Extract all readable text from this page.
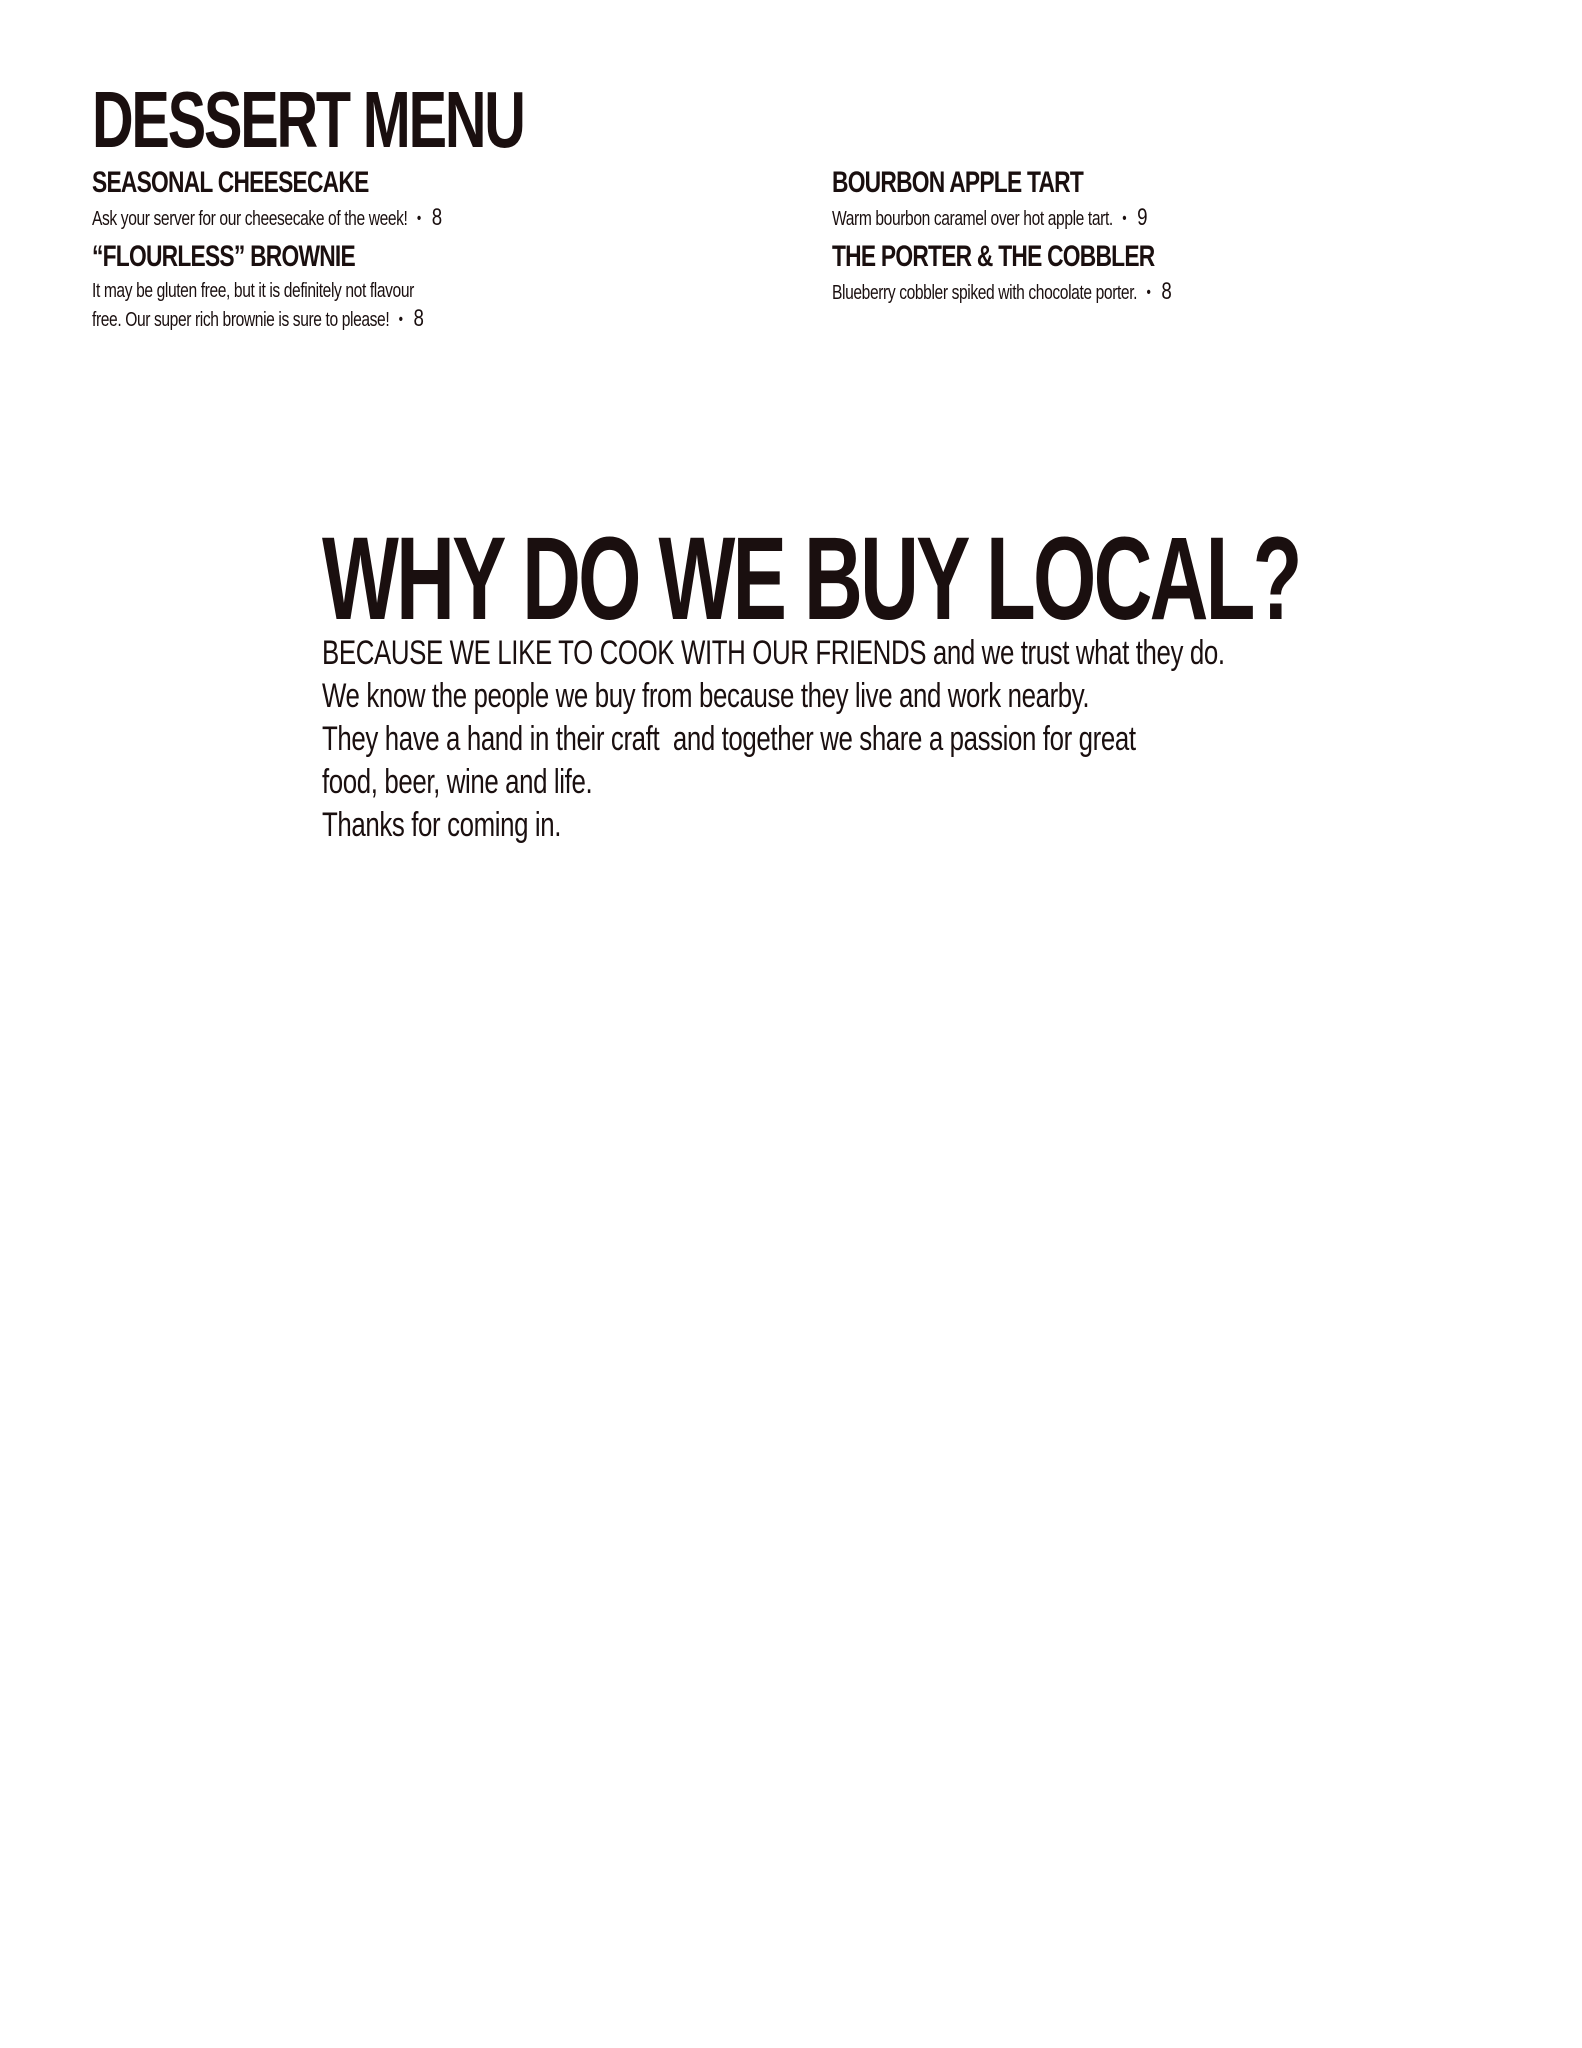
DESSERT MENU
SEASONAL CHEESECAKE

Ask your server for our cheesecake of the week! • 8

“FLOURLESS” BROWNIE

It may be gluten free, but it is definitely not flavour free. Our super rich brownie is sure to please! • 8

BOURBON APPLE TART

Warm bourbon caramel over hot apple tart. • 9

THE PORTER & THE COBBLER

Blueberry cobbler spiked with chocolate porter. • 8

WHY DO WE BUY LOCAL?

BECAUSE WE LIKE TO COOK WITH OUR FRIENDS and we trust what they do.

We know the people we buy from because they live and work nearby.

They have a hand in their craft  and together we share a passion for great

food, beer, wine and life.

Thanks for coming in.
